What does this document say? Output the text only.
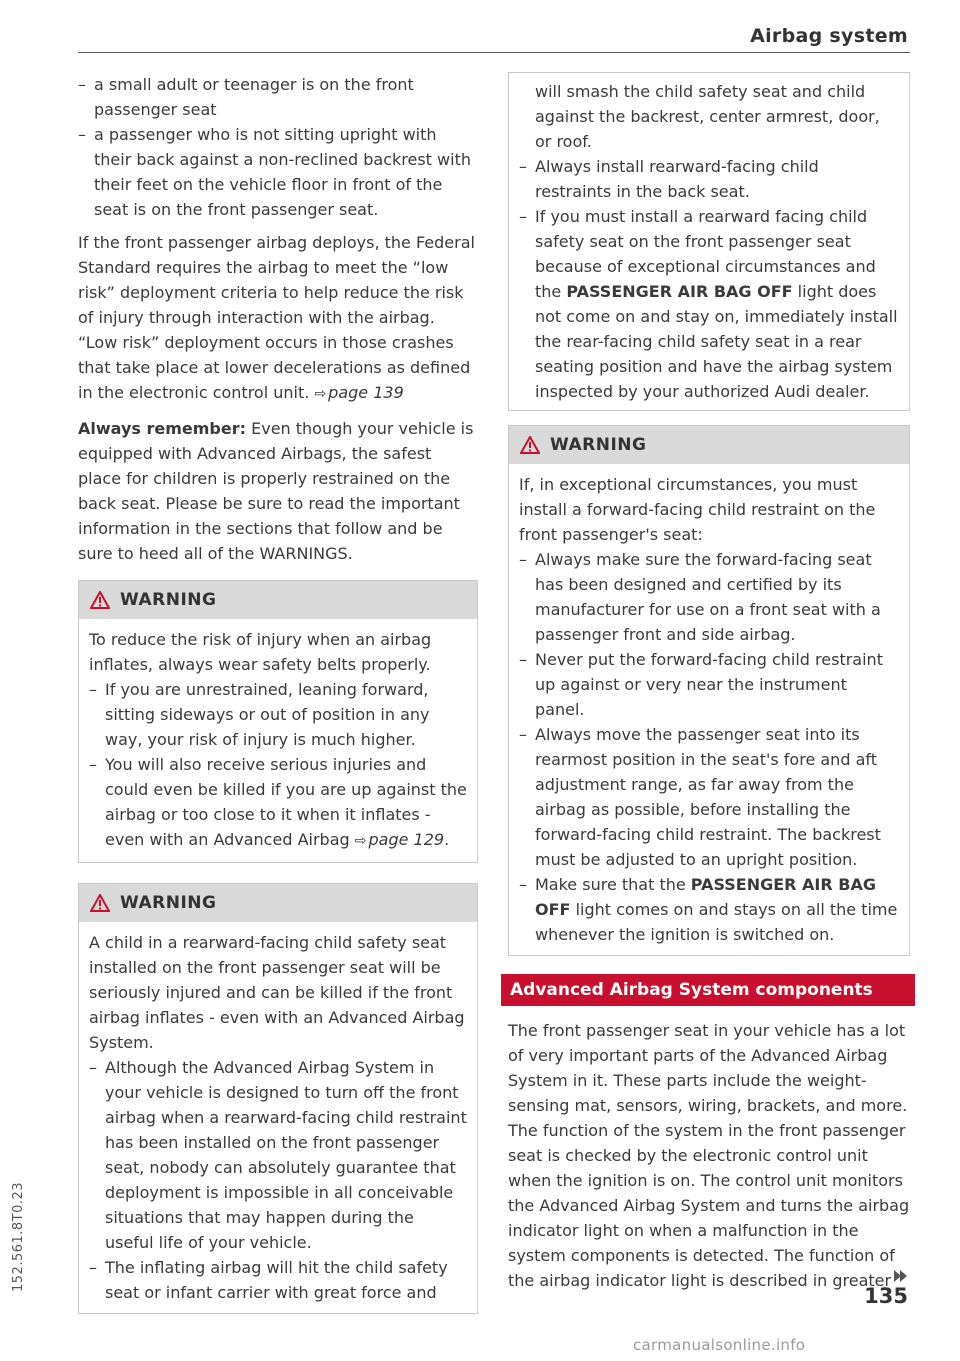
Airbag system
– a small adult or teenager is on the front passenger seat
– a passenger who is not sitting upright with their back against a non-reclined backrest with their feet on the vehicle floor in front of the seat is on the front passenger seat.

If the front passenger airbag deploys, the Federal Standard requires the airbag to meet the “low risk” deployment criteria to help reduce the risk of injury through interaction with the airbag. “Low risk” deployment occurs in those crashes that take place at lower decelerations as defined in the electronic control unit. ⇨ page 139

Always remember: Even though your vehicle is equipped with Advanced Airbags, the safest place for children is properly restrained on the back seat. Please be sure to read the important information in the sections that follow and be sure to heed all of the WARNINGS.

WARNING

To reduce the risk of injury when an airbag inflates, always wear safety belts properly.

– If you are unrestrained, leaning forward, sitting sideways or out of position in any way, your risk of injury is much higher.
– You will also receive serious injuries and could even be killed if you are up against the airbag or too close to it when it inflates - even with an Advanced Airbag ⇨ page 129.
WARNING

A child in a rearward-facing child safety seat installed on the front passenger seat will be seriously injured and can be killed if the front airbag inflates - even with an Advanced Airbag System.

– Although the Advanced Airbag System in your vehicle is designed to turn off the front airbag when a rearward-facing child restraint has been installed on the front passenger seat, nobody can absolutely guarantee that deployment is impossible in all conceivable situations that may happen during the useful life of your vehicle.
– The inflating airbag will hit the child safety seat or infant carrier with great force and

will smash the child safety seat and child against the backrest, center armrest, door, or roof.

– Always install rearward-facing child restraints in the back seat.
– If you must install a rearward facing child safety seat on the front passenger seat because of exceptional circumstances and the PASSENGER AIR BAG OFF light does not come on and stay on, immediately install the rear-facing child safety seat in a rear seating position and have the airbag system inspected by your authorized Audi dealer.
WARNING

If, in exceptional circumstances, you must install a forward-facing child restraint on the front passenger's seat:

– Always make sure the forward-facing seat has been designed and certified by its manufacturer for use on a front seat with a passenger front and side airbag.
– Never put the forward-facing child restraint up against or very near the instrument panel.
– Always move the passenger seat into its rearmost position in the seat's fore and aft adjustment range, as far away from the airbag as possible, before installing the forward-facing child restraint. The backrest must be adjusted to an upright position.
– Make sure that the PASSENGER AIR BAG OFF light comes on and stays on all the time whenever the ignition is switched on.
Advanced Airbag System components

The front passenger seat in your vehicle has a lot of very important parts of the Advanced Airbag System in it. These parts include the weight-sensing mat, sensors, wiring, brackets, and more. The function of the system in the front passenger seat is checked by the electronic control unit when the ignition is on. The control unit monitors the Advanced Airbag System and turns the airbag indicator light on when a malfunction in the system components is detected. The function of the airbag indicator light is described in greater

135
152.561.8T0.23
carmanualsonline.info
